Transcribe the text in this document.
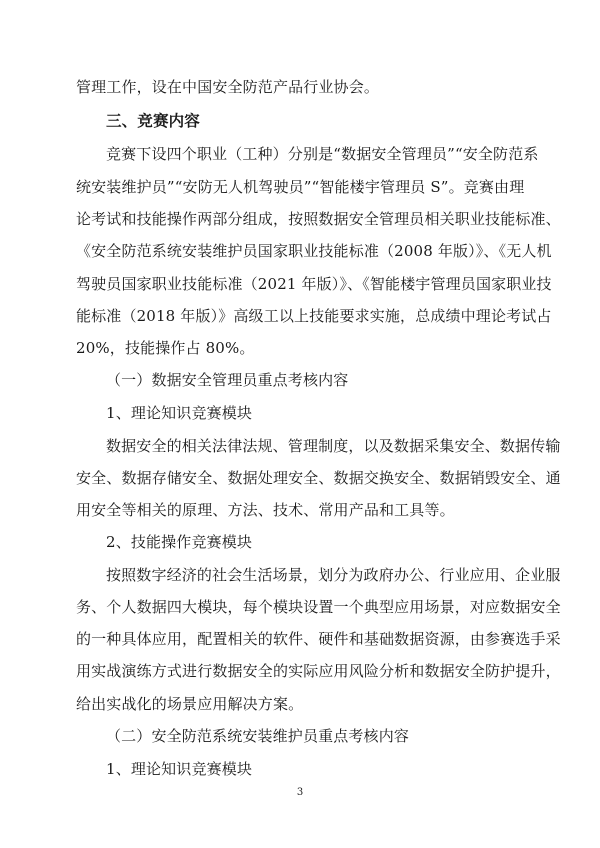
管理工作，设在中国安全防范产品行业协会。
三、竞赛内容
竞赛下设四个职业（工种）分别是“数据安全管理员”“安全防范系
统安装维护员”“安防无人机驾驶员”“智能楼宇管理员 S”。竞赛由理
论考试和技能操作两部分组成，按照数据安全管理员相关职业技能标准、
《安全防范系统安装维护员国家职业技能标准（2008 年版）》、《无人机
驾驶员国家职业技能标准（2021 年版）》、《智能楼宇管理员国家职业技
能标准（2018 年版）》高级工以上技能要求实施，总成绩中理论考试占
20%，技能操作占 80%。
（一）数据安全管理员重点考核内容
1、理论知识竞赛模块
数据安全的相关法律法规、管理制度，以及数据采集安全、数据传输
安全、数据存储安全、数据处理安全、数据交换安全、数据销毁安全、通
用安全等相关的原理、方法、技术、常用产品和工具等。
2、技能操作竞赛模块
按照数字经济的社会生活场景，划分为政府办公、行业应用、企业服
务、个人数据四大模块，每个模块设置一个典型应用场景，对应数据安全
的一种具体应用，配置相关的软件、硬件和基础数据资源，由参赛选手采
用实战演练方式进行数据安全的实际应用风险分析和数据安全防护提升，
给出实战化的场景应用解决方案。
（二）安全防范系统安装维护员重点考核内容
1、理论知识竞赛模块
3
